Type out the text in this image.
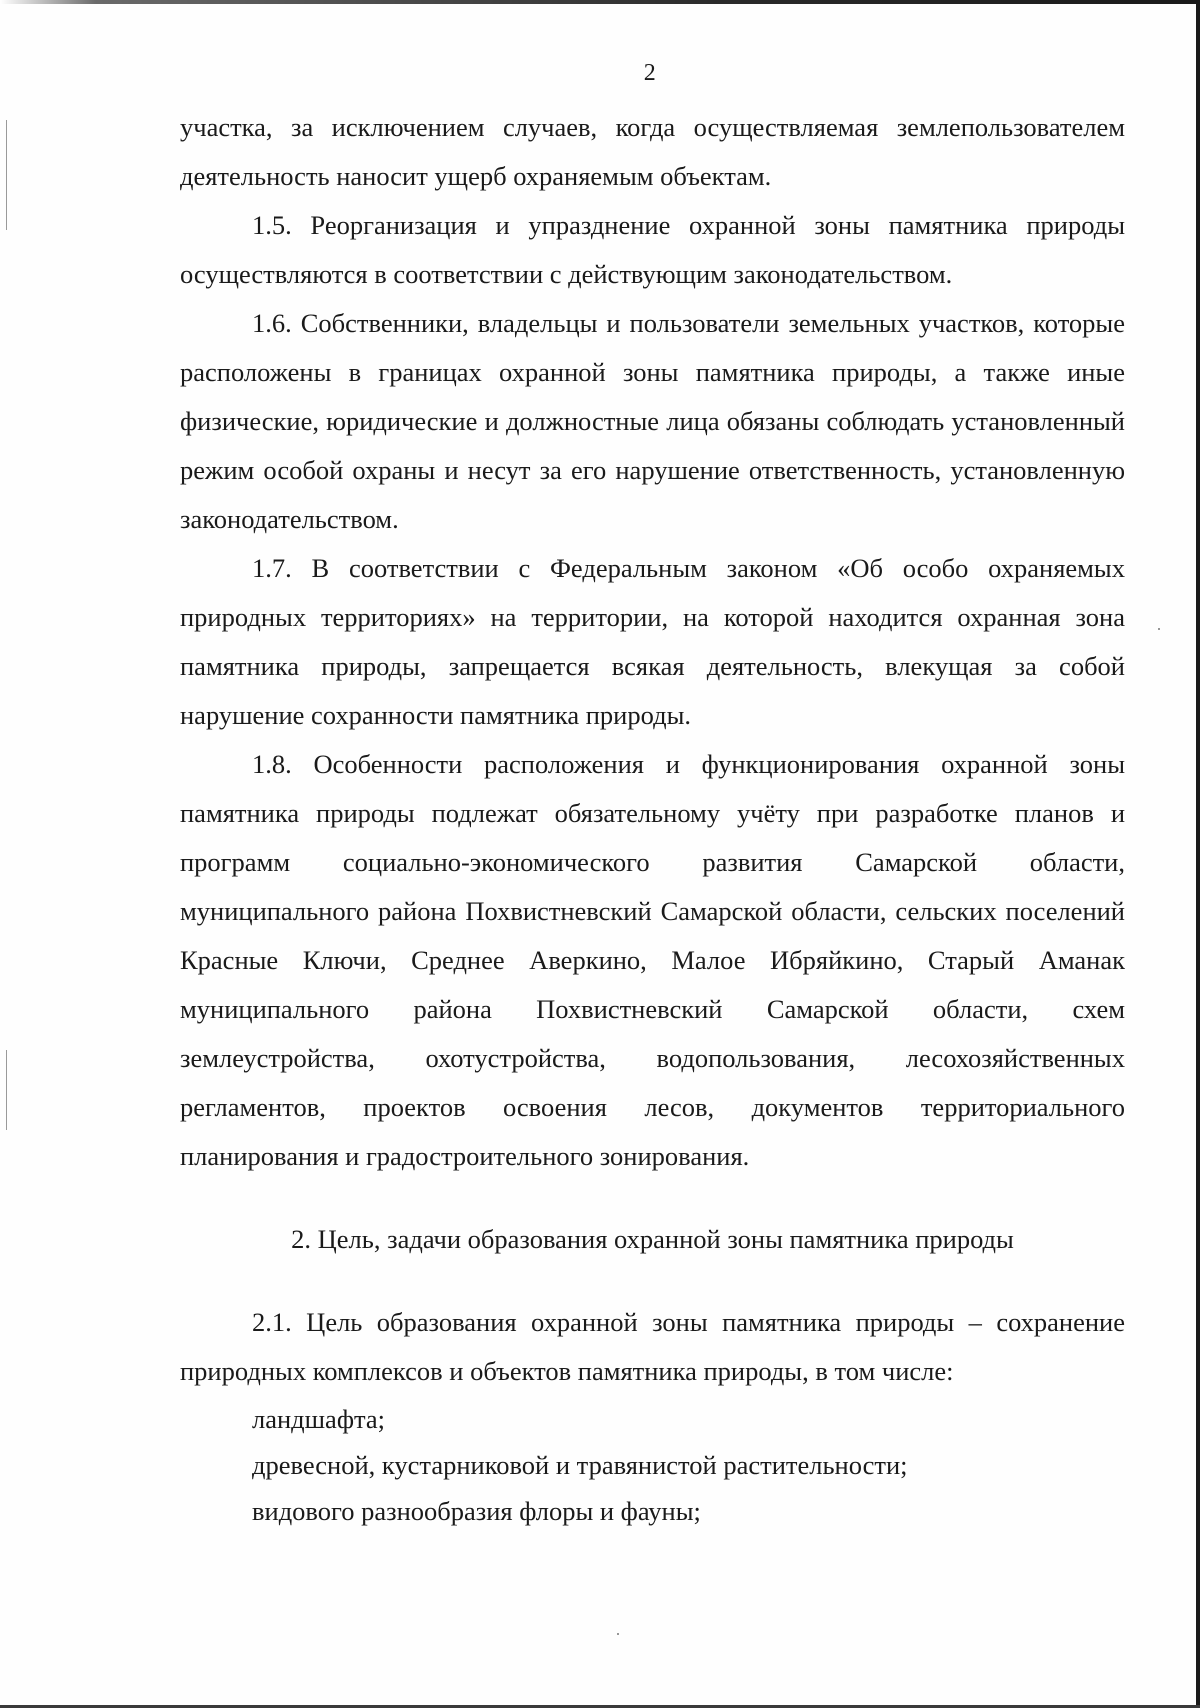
2

участка, за исключением случаев, когда осуществляемая землепользователем деятельность наносит ущерб охраняемым объектам.

1.5. Реорганизация и упразднение охранной зоны памятника природы осуществляются в соответствии с действующим законодательством.

1.6. Собственники, владельцы и пользователи земельных участков, которые расположены в границах охранной зоны памятника природы, а также иные физические, юридические и должностные лица обязаны соблюдать установленный режим особой охраны и несут за его нарушение ответственность, установленную законодательством.

1.7. В соответствии с Федеральным законом «Об особо охраняемых природных территориях» на территории, на которой находится охранная зона памятника природы, запрещается всякая деятельность, влекущая за собой нарушение сохранности памятника природы.

1.8. Особенности расположения и функционирования охранной зоны памятника природы подлежат обязательному учёту при разработке планов и программ социально-экономического развития Самарской области, муниципального района Похвистневский Самарской области, сельских поселений Красные Ключи, Среднее Аверкино, Малое Ибряйкино, Старый Аманак муниципального района Похвистневский Самарской области, схем землеустройства, охотустройства, водопользования, лесохозяйственных регламентов, проектов освоения лесов, документов территориального планирования и градостроительного зонирования.

2. Цель, задачи образования охранной зоны памятника природы

2.1. Цель образования охранной зоны памятника природы – сохранение природных комплексов и объектов памятника природы, в том числе:

ландшафта;

древесной, кустарниковой и травянистой растительности;

видового разнообразия флоры и фауны;
